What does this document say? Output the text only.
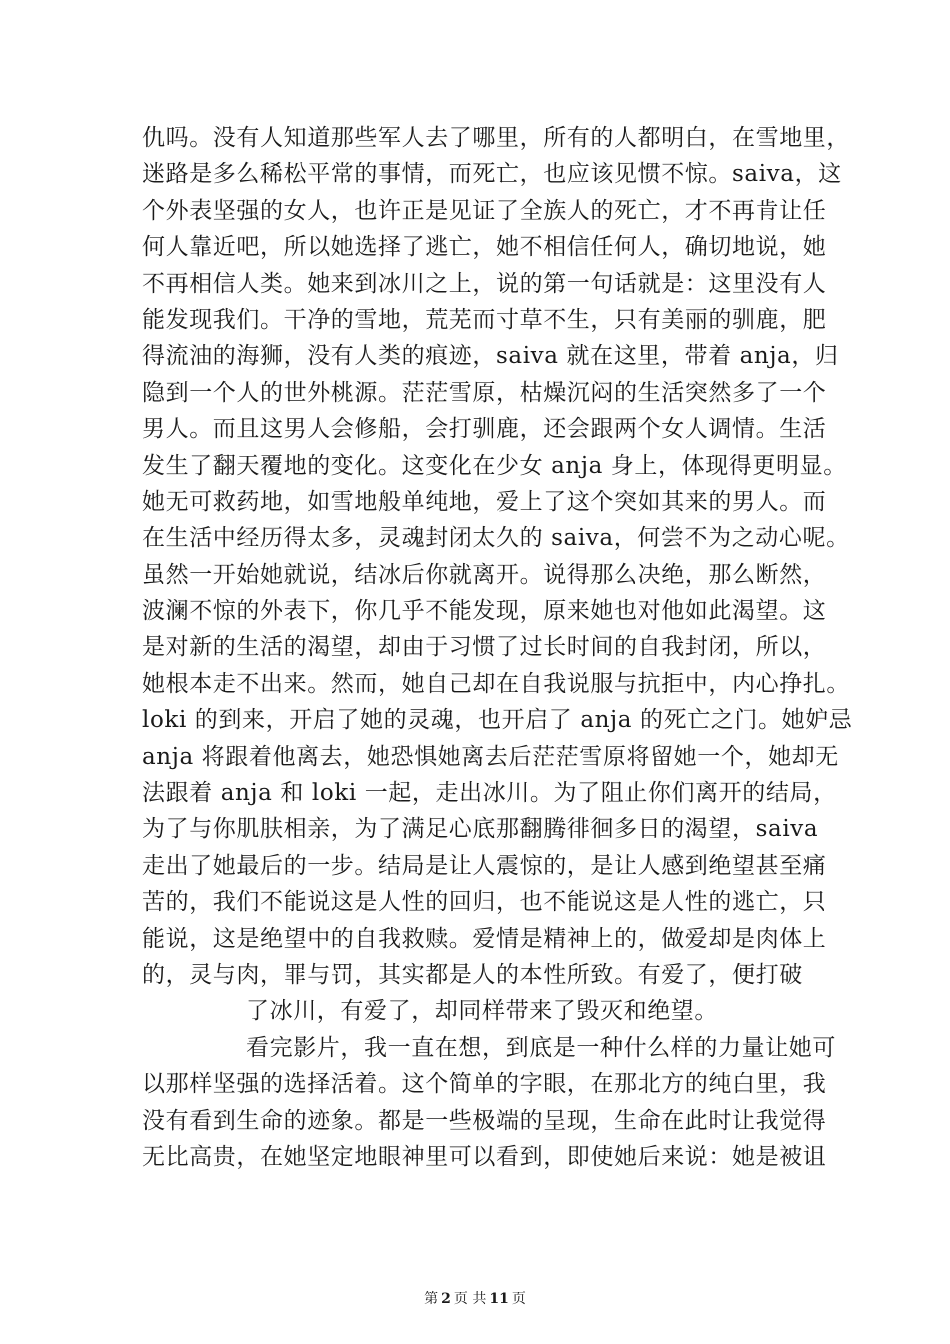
仇吗。没有人知道那些军人去了哪里，所有的人都明白，在雪地里，
迷路是多么稀松平常的事情，而死亡，也应该见惯不惊。saiva，这
个外表坚强的女人，也许正是见证了全族人的死亡，才不再肯让任
何人靠近吧，所以她选择了逃亡，她不相信任何人，确切地说，她
不再相信人类。她来到冰川之上，说的第一句话就是：这里没有人
能发现我们。干净的雪地，荒芜而寸草不生，只有美丽的驯鹿，肥
得流油的海狮，没有人类的痕迹，saiva 就在这里，带着 anja，归
隐到一个人的世外桃源。茫茫雪原，枯燥沉闷的生活突然多了一个
男人。而且这男人会修船，会打驯鹿，还会跟两个女人调情。生活
发生了翻天覆地的变化。这变化在少女 anja 身上，体现得更明显。
她无可救药地，如雪地般单纯地，爱上了这个突如其来的男人。而
在生活中经历得太多，灵魂封闭太久的 saiva，何尝不为之动心呢。
虽然一开始她就说，结冰后你就离开。说得那么决绝，那么断然，
波澜不惊的外表下，你几乎不能发现，原来她也对他如此渴望。这
是对新的生活的渴望，却由于习惯了过长时间的自我封闭，所以，
她根本走不出来。然而，她自己却在自我说服与抗拒中，内心挣扎。
loki 的到来，开启了她的灵魂，也开启了 anja 的死亡之门。她妒忌
anja 将跟着他离去，她恐惧她离去后茫茫雪原将留她一个，她却无
法跟着 anja 和 loki 一起，走出冰川。为了阻止你们离开的结局，
为了与你肌肤相亲，为了满足心底那翻腾徘徊多日的渴望，saiva
走出了她最后的一步。结局是让人震惊的，是让人感到绝望甚至痛
苦的，我们不能说这是人性的回归，也不能说这是人性的逃亡，只
能说，这是绝望中的自我救赎。爱情是精神上的，做爱却是肉体上
的，灵与肉，罪与罚，其实都是人的本性所致。有爱了，便打破
了冰川，有爱了，却同样带来了毁灭和绝望。
看完影片，我一直在想，到底是一种什么样的力量让她可
以那样坚强的选择活着。这个简单的字眼，在那北方的纯白里，我
没有看到生命的迹象。都是一些极端的呈现，生命在此时让我觉得
无比高贵，在她坚定地眼神里可以看到，即使她后来说：她是被诅
第 2 页 共 11 页
